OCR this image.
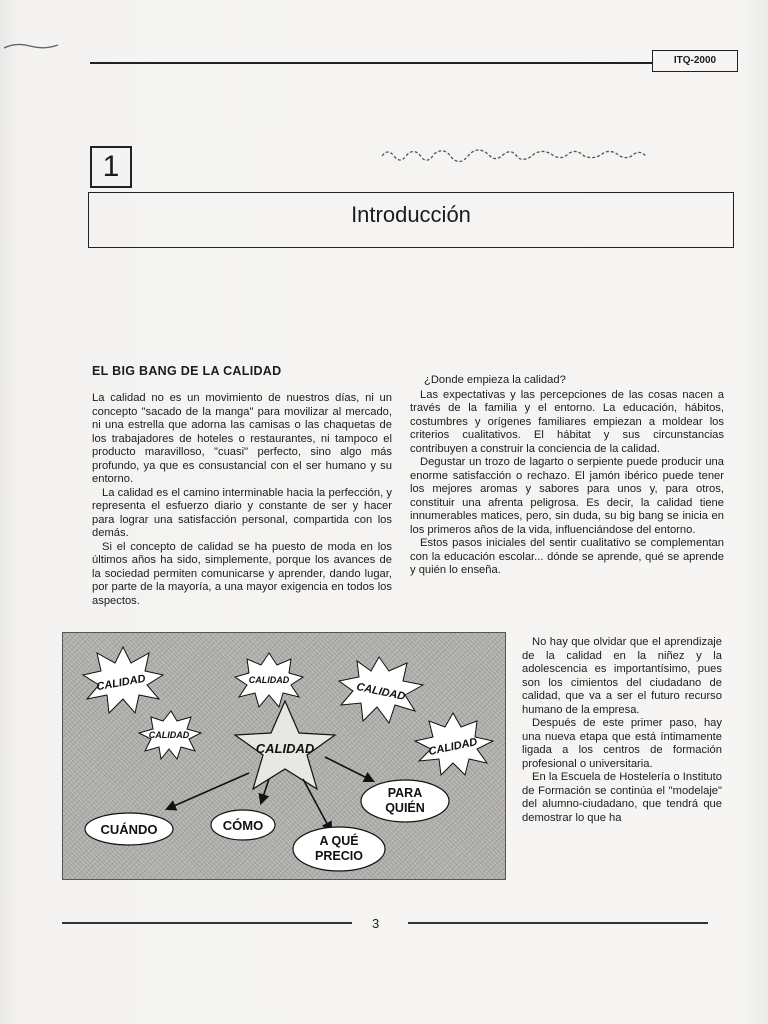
ITQ-2000
1
Introducción
EL BIG BANG DE LA CALIDAD

La calidad no es un movimiento de nuestros días, ni un concepto "sacado de la manga" para movilizar al mercado, ni una estrella que adorna las camisas o las chaquetas de los trabajadores de hoteles o restaurantes, ni tampoco el producto maravilloso, "cuasi" perfecto, sino algo más profundo, ya que es consustancial con el ser humano y su entorno.

La calidad es el camino interminable hacia la perfección, y representa el esfuerzo diario y constante de ser y hacer para lograr una satisfacción personal, compartida con los demás.

Si el concepto de calidad se ha puesto de moda en los últimos años ha sido, simplemente, porque los avances de la sociedad permiten comunicarse y aprender, dando lugar, por parte de la mayoría, a una mayor exigencia en todos los aspectos.

¿Donde empieza la calidad?

Las expectativas y las percepciones de las cosas nacen a través de la familia y el entorno. La educación, hábitos, costumbres y orígenes familiares empiezan a moldear los criterios cualitativos. El hábitat y sus circunstancias contribuyen a construir la conciencia de la calidad.

Degustar un trozo de lagarto o serpiente puede producir una enorme satisfacción o rechazo. El jamón ibérico puede tener los mejores aromas y sabores para unos y, para otros, constituir una afrenta peligrosa. Es decir, la calidad tiene innumerables matices, pero, sin duda, su big bang se inicia en los primeros años de la vida, influenciándose del entorno.

Estos pasos iniciales del sentir cualitativo se complementan con la educación escolar... dónde se aprende, qué se aprende y quién lo enseña.

No hay que olvidar que el aprendizaje de la calidad en la niñez y la adolescencia es importantísimo, pues son los cimientos del ciudadano de calidad, que va a ser el futuro recurso humano de la empresa.

Después de este primer paso, hay una nueva etapa que está íntimamente ligada a los centros de formación profesional o universitaria.

En la Escuela de Hostelería o Instituto de Formación se continúa el "modelaje" del alumno-ciudadano, que tendrá que demostrar lo que ha

CALIDAD	CALIDAD
CALIDAD
CALIDAD
CALIDAD
CALIDAD
CUÁNDO	CÓMO
A QUÉ
PRECIO
PARA
QUIÉN
3
